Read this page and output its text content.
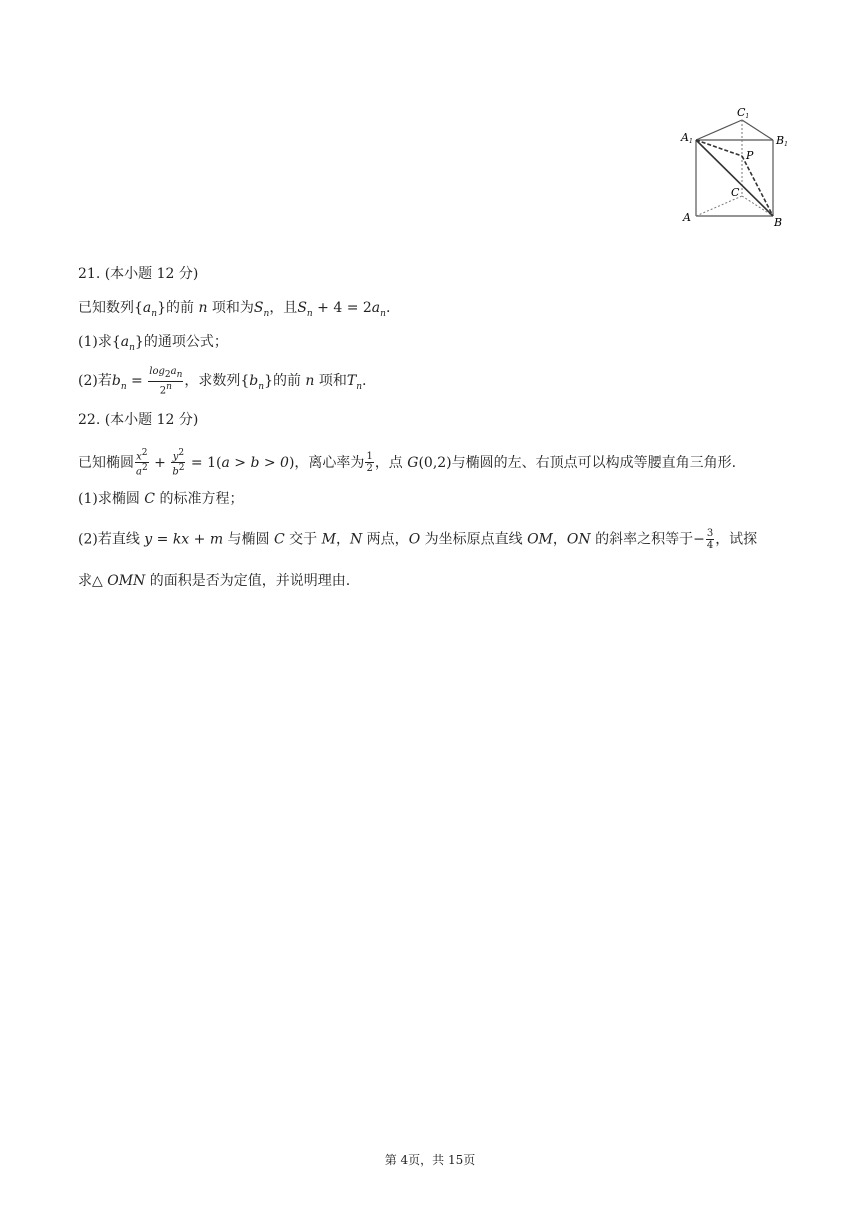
C1
A1	B1
P
C
A	B
21. (本小题 12 分)
已知数列$\{a_n\}$的前 n 项和为$S_n$，且$S_n + 4 = 2a_n$.
(1)求$\{a_n\}$的通项公式；
(2)若$b_n = \frac{\log_2a_n}{2^n}$ ，求数列$\{b_n\}$的前 n 项和$T_n$.
22. (本小题 12 分)
已知椭圆 $\frac{x^2}{a^2} + \frac{y^2}{b^2} = 1(a > b > 0)$，离心率为 $\frac{1}{2}$ ，点 G(0,2)与椭圆的左、右顶点可以构成等腰直角三角形.
(1)求椭圆 C 的标准方程；
(2)若直线 y = kx + m 与椭圆 C 交于 M，N 两点，O 为坐标原点直线 OM，ON 的斜率之积等于− $\frac{3}{4}$ ，试探
求△ OMN 的面积是否为定值，并说明理由.
第 4页，共 15页
